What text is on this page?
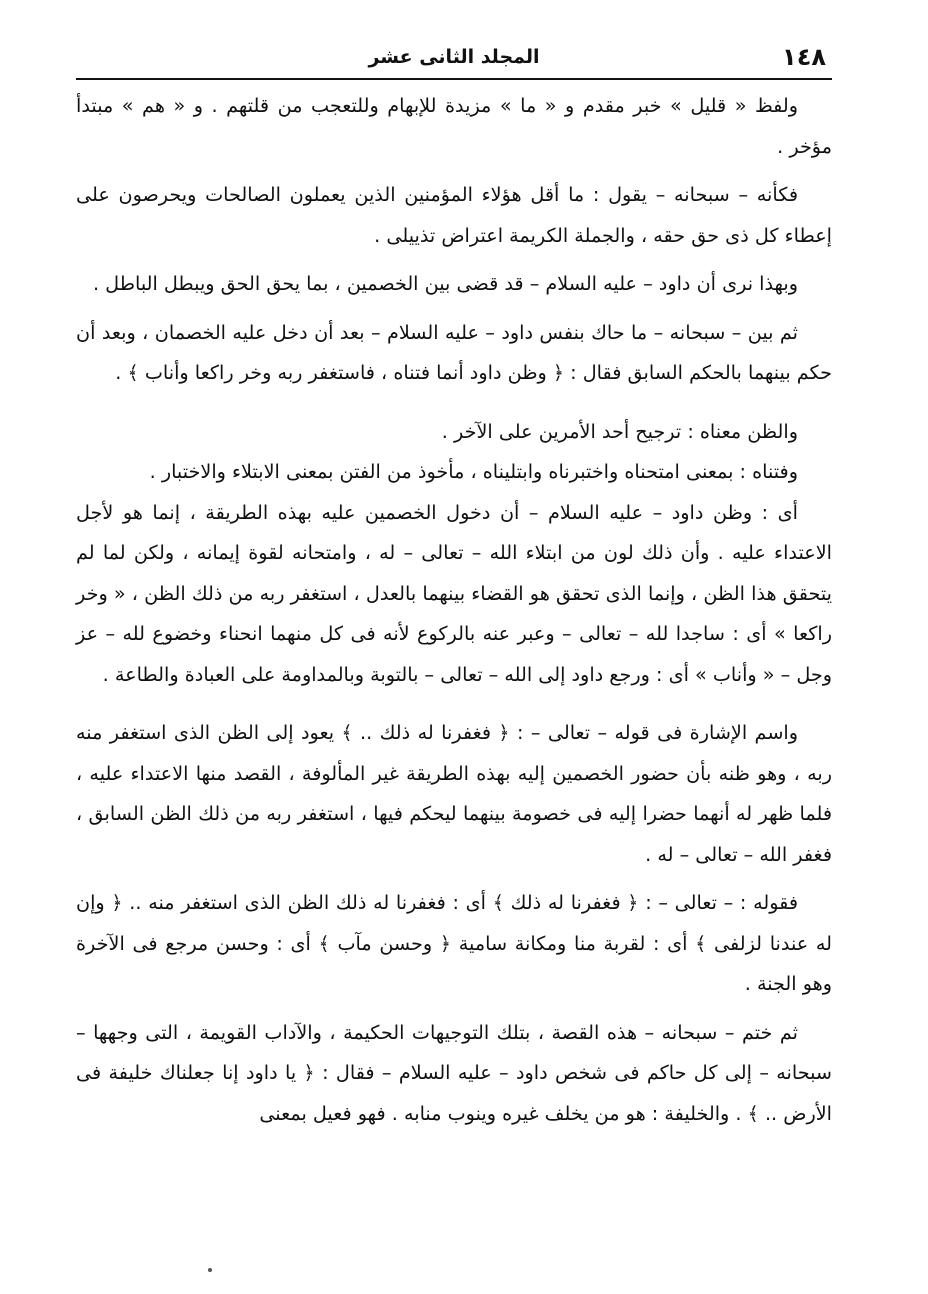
١٤٨
المجلد الثانى عشر

ولفظ « قليل » خبر مقدم و « ما » مزيدة للإبهام وللتعجب من قلتهم . و « هم » مبتدأ مؤخر .

فكأنه – سبحانه – يقول : ما أقل هؤلاء المؤمنين الذين يعملون الصالحات ويحرصون على إعطاء كل ذى حق حقه ، والجملة الكريمة اعتراض تذييلى .

وبهذا نرى أن داود – عليه السلام – قد قضى بين الخصمين ، بما يحق الحق ويبطل الباطل .

ثم بين – سبحانه – ما حاك بنفس داود – عليه السلام – بعد أن دخل عليه الخصمان ، وبعد أن حكم بينهما بالحكم السابق فقال : ﴿ وظن داود أنما فتناه ، فاستغفر ربه وخر راكعا وأناب ﴾ .

والظن معناه : ترجيح أحد الأمرين على الآخر .

وفتناه : بمعنى امتحناه واختبرناه وابتليناه ، مأخوذ من الفتن بمعنى الابتلاء والاختبار .

أى : وظن داود – عليه السلام – أن دخول الخصمين عليه بهذه الطريقة ، إنما هو لأجل الاعتداء عليه . وأن ذلك لون من ابتلاء الله – تعالى – له ، وامتحانه لقوة إيمانه ، ولكن لما لم يتحقق هذا الظن ، وإنما الذى تحقق هو القضاء بينهما بالعدل ، استغفر ربه من ذلك الظن ، « وخر راكعا » أى : ساجدا لله – تعالى – وعبر عنه بالركوع لأنه فى كل منهما انحناء وخضوع لله – عز وجل – « وأناب » أى : ورجع داود إلى الله – تعالى – بالتوبة وبالمداومة على العبادة والطاعة .

واسم الإشارة فى قوله – تعالى – : ﴿ فغفرنا له ذلك .. ﴾ يعود إلى الظن الذى استغفر منه ربه ، وهو ظنه بأن حضور الخصمين إليه بهذه الطريقة غير المألوفة ، القصد منها الاعتداء عليه ، فلما ظهر له أنهما حضرا إليه فى خصومة بينهما ليحكم فيها ، استغفر ربه من ذلك الظن السابق ، فغفر الله – تعالى – له .

فقوله : – تعالى – : ﴿ فغفرنا له ذلك ﴾ أى : فغفرنا له ذلك الظن الذى استغفر منه .. ﴿ وإن له عندنا لزلفى ﴾ أى : لقربة منا ومكانة سامية ﴿ وحسن مآب ﴾ أى : وحسن مرجع فى الآخرة وهو الجنة .

ثم ختم – سبحانه – هذه القصة ، بتلك التوجيهات الحكيمة ، والآداب القويمة ، التى وجهها – سبحانه – إلى كل حاكم فى شخص داود – عليه السلام – فقال : ﴿ يا داود إنا جعلناك خليفة فى الأرض .. ﴾ . والخليفة : هو من يخلف غيره وينوب منابه . فهو فعيل بمعنى
